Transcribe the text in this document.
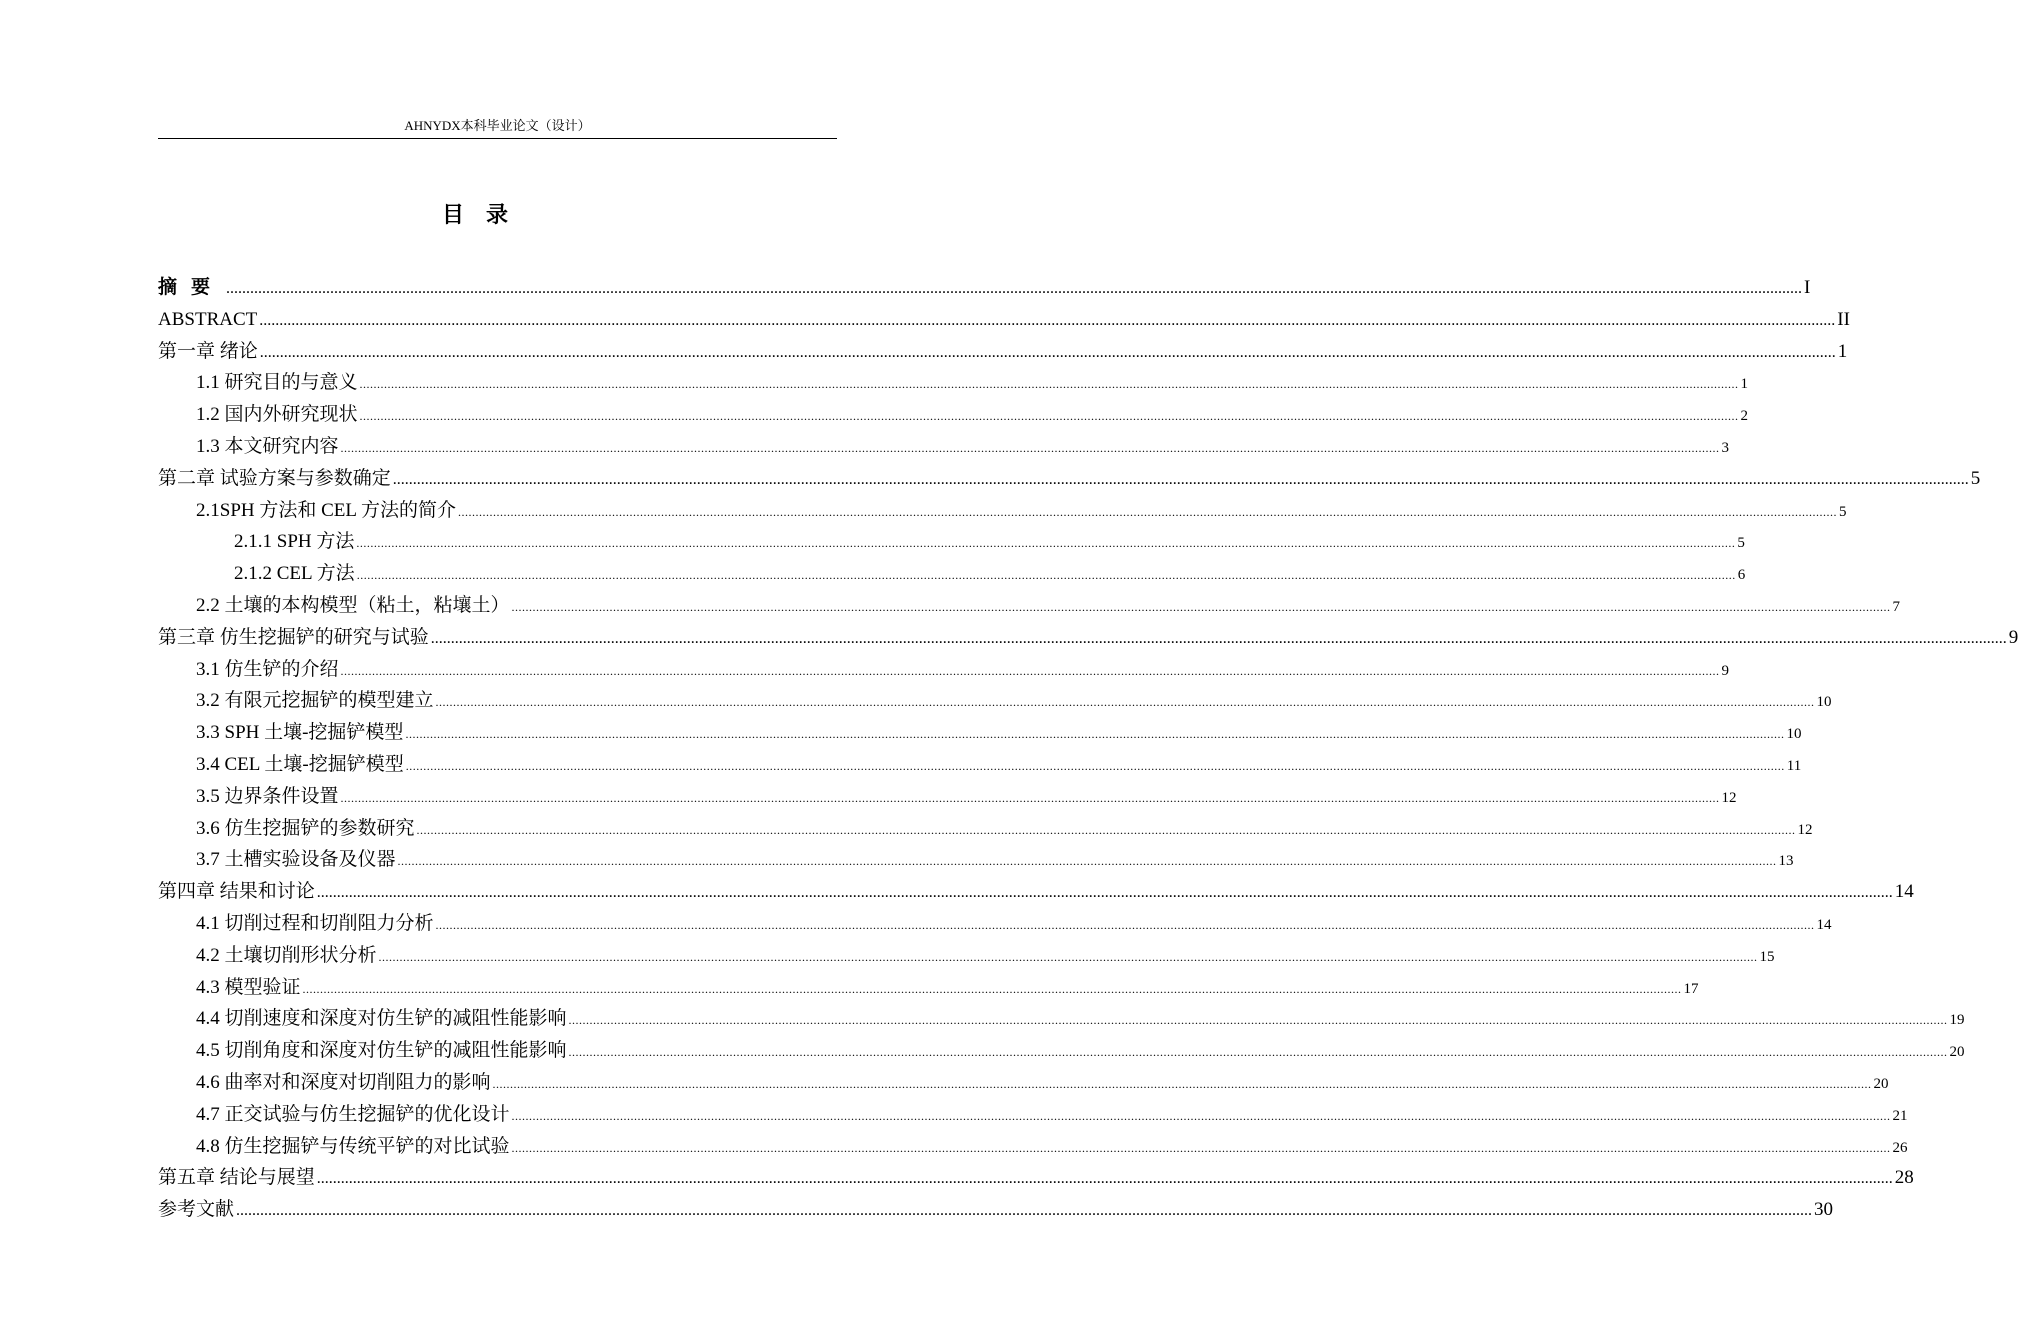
AHNYDX本科毕业论文（设计）
目录
摘要 .......................................................................................................................................................................................................................................................................................................................................................................................................... I
ABSTRACT .......................................................................................................................................................................................................................................................................................................................................................................................................... II
第一章 绪论 .......................................................................................................................................................................................................................................................................................................................................................................................................... 1
1.1 研究目的与意义 .......................................................................................................................................................................................................................................................................................................................................................................................................... 1
1.2 国内外研究现状 .......................................................................................................................................................................................................................................................................................................................................................................................................... 2
1.3 本文研究内容 .......................................................................................................................................................................................................................................................................................................................................................................................................... 3
第二章 试验方案与参数确定 .......................................................................................................................................................................................................................................................................................................................................................................................................... 5
2.1SPH 方法和 CEL 方法的简介 .......................................................................................................................................................................................................................................................................................................................................................................................................... 5
2.1.1 SPH 方法 .......................................................................................................................................................................................................................................................................................................................................................................................................... 5
2.1.2 CEL 方法 .......................................................................................................................................................................................................................................................................................................................................................................................................... 6
2.2 土壤的本构模型（粘土，粘壤土） .......................................................................................................................................................................................................................................................................................................................................................................................................... 7
第三章 仿生挖掘铲的研究与试验 .......................................................................................................................................................................................................................................................................................................................................................................................................... 9
3.1 仿生铲的介绍 .......................................................................................................................................................................................................................................................................................................................................................................................................... 9
3.2 有限元挖掘铲的模型建立 .......................................................................................................................................................................................................................................................................................................................................................................................................... 10
3.3 SPH 土壤-挖掘铲模型 .......................................................................................................................................................................................................................................................................................................................................................................................................... 10
3.4 CEL 土壤-挖掘铲模型 .......................................................................................................................................................................................................................................................................................................................................................................................................... 11
3.5 边界条件设置 .......................................................................................................................................................................................................................................................................................................................................................................................................... 12
3.6 仿生挖掘铲的参数研究 .......................................................................................................................................................................................................................................................................................................................................................................................................... 12
3.7 土槽实验设备及仪器 .......................................................................................................................................................................................................................................................................................................................................................................................................... 13
第四章 结果和讨论 .......................................................................................................................................................................................................................................................................................................................................................................................................... 14
4.1 切削过程和切削阻力分析 .......................................................................................................................................................................................................................................................................................................................................................................................................... 14
4.2 土壤切削形状分析 .......................................................................................................................................................................................................................................................................................................................................................................................................... 15
4.3 模型验证 .......................................................................................................................................................................................................................................................................................................................................................................................................... 17
4.4 切削速度和深度对仿生铲的减阻性能影响 .......................................................................................................................................................................................................................................................................................................................................................................................................... 19
4.5 切削角度和深度对仿生铲的减阻性能影响 .......................................................................................................................................................................................................................................................................................................................................................................................................... 20
4.6 曲率对和深度对切削阻力的影响 .......................................................................................................................................................................................................................................................................................................................................................................................................... 20
4.7 正交试验与仿生挖掘铲的优化设计 .......................................................................................................................................................................................................................................................................................................................................................................................................... 21
4.8 仿生挖掘铲与传统平铲的对比试验 .......................................................................................................................................................................................................................................................................................................................................................................................................... 26
第五章 结论与展望 .......................................................................................................................................................................................................................................................................................................................................................................................................... 28
参考文献 .......................................................................................................................................................................................................................................................................................................................................................................................................... 30
